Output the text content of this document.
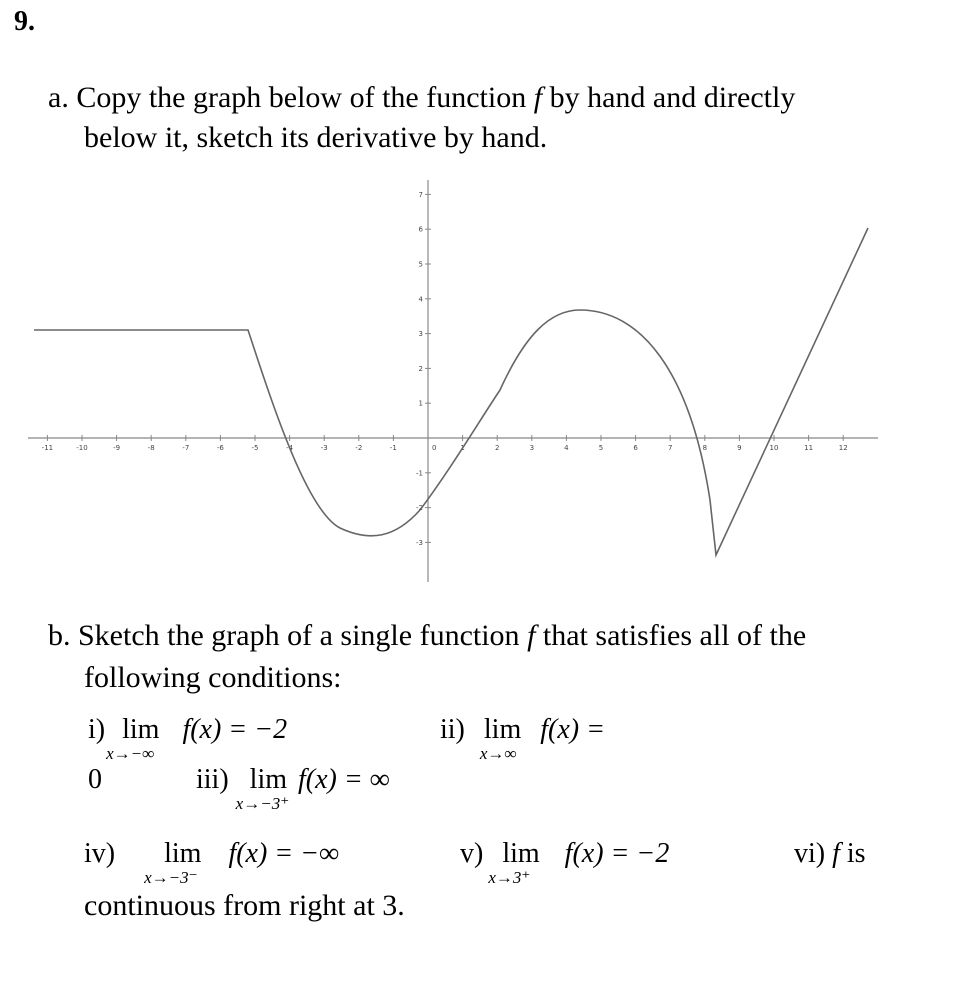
9.
a. Copy the graph below of the function f by hand and directly
below it, sketch its derivative by hand.
-11	-10	-9	-8	-7	-6	-5	-4	-3	-2	-1	0	1	2	3	4	5	6	7	8	9	10	11	12
7
6
5
4
3
2
1
-1
-2
-3
b. Sketch the graph of a single function f that satisfies all of the
following conditions:
i) lim
x→−∞
f(x) = −2	ii) lim
x→∞
f(x) =
0	iii) lim
x→−3⁺
f(x) = ∞
iv) lim
x→−3⁻
f(x) = −∞	v) lim
x→3⁺
f(x) = −2	vi) f is
continuous from right at 3.
